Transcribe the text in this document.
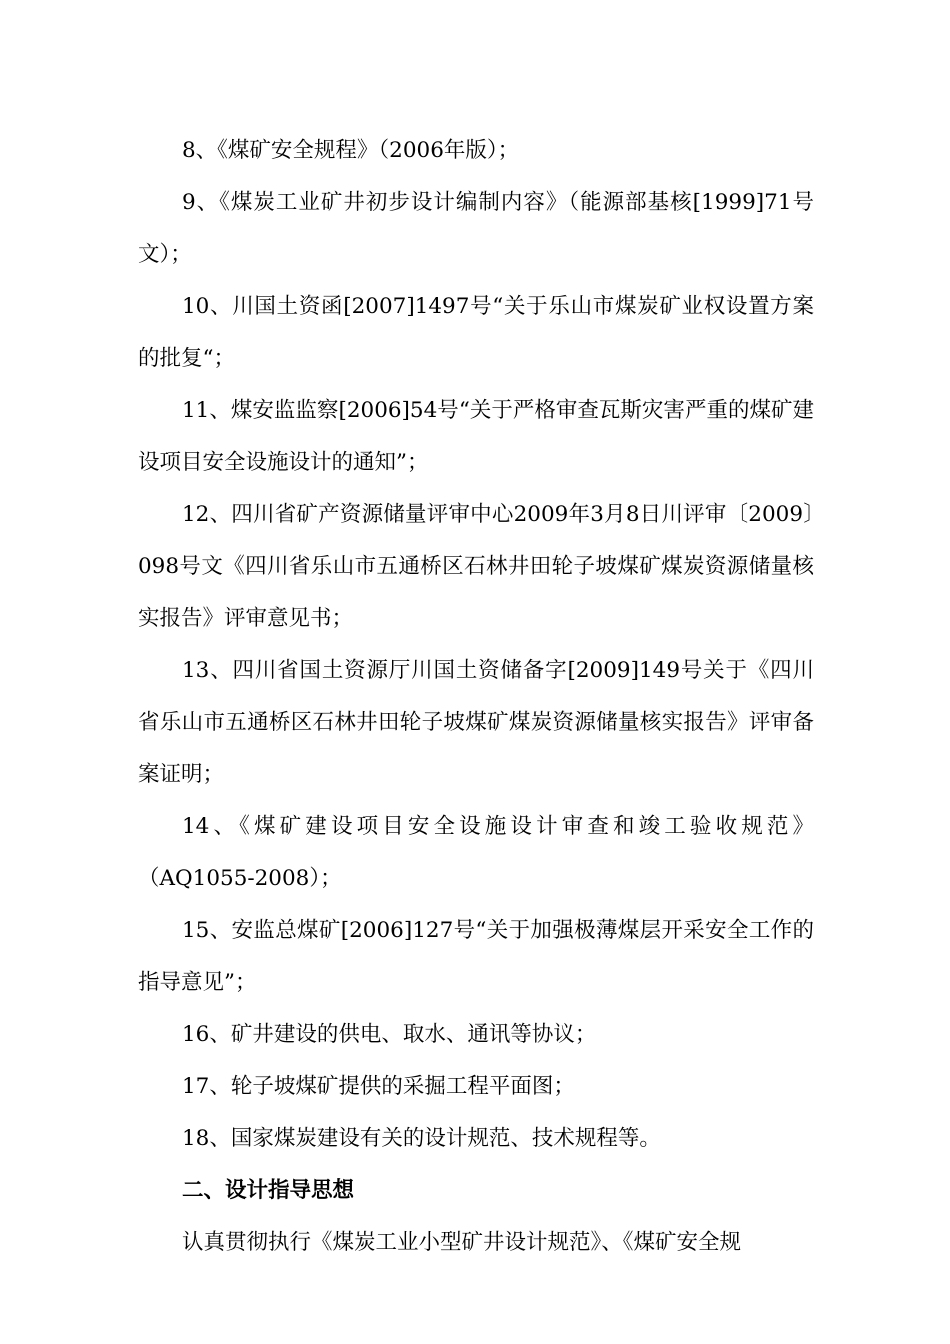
8、《煤矿安全规程》（2006年版）；

9、《煤炭工业矿井初步设计编制内容》（能源部基核[1999]71号文）；

10、川国土资函[2007]1497号“关于乐山市煤炭矿业权设置方案的批复“；

11、煤安监监察[2006]54号“关于严格审查瓦斯灾害严重的煤矿建设项目安全设施设计的通知”；

12、四川省矿产资源储量评审中心2009年3月8日川评审〔2009〕098号文《四川省乐山市五通桥区石林井田轮子坡煤矿煤炭资源储量核实报告》评审意见书；

13、四川省国土资源厅川国土资储备字[2009]149号关于《四川省乐山市五通桥区石林井田轮子坡煤矿煤炭资源储量核实报告》评审备案证明；

14、《煤矿建设项目安全设施设计审查和竣工验收规范》（AQ1055-2008）；

15、安监总煤矿[2006]127号“关于加强极薄煤层开采安全工作的指导意见”；

16、矿井建设的供电、取水、通讯等协议；

17、轮子坡煤矿提供的采掘工程平面图；

18、国家煤炭建设有关的设计规范、技术规程等。

二、设计指导思想

认真贯彻执行《煤炭工业小型矿井设计规范》、《煤矿安全规
